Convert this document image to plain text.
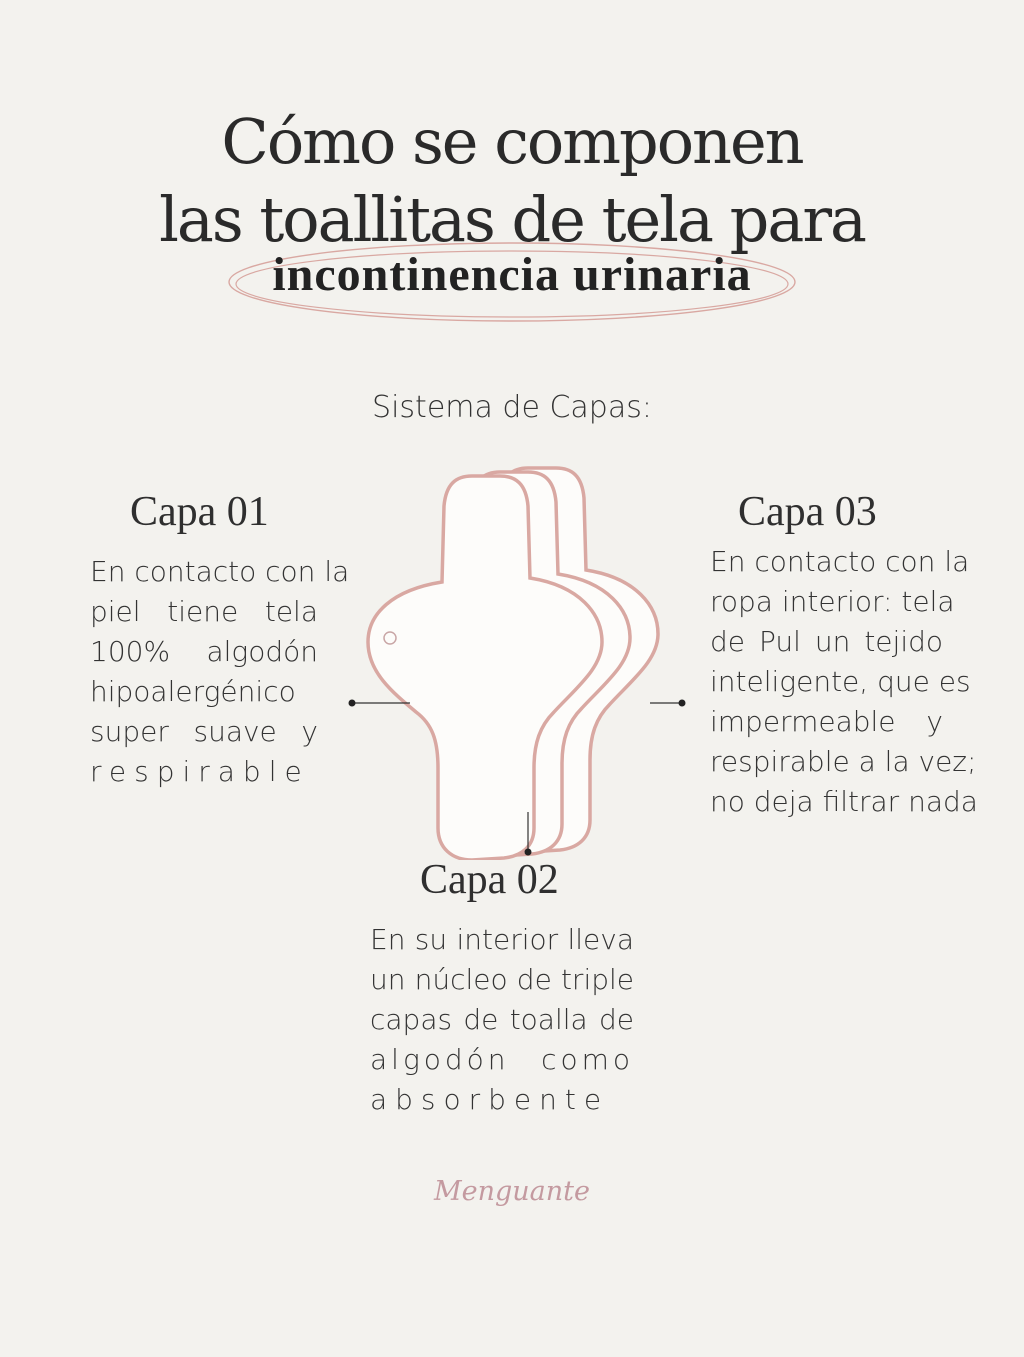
Cómo se componen
las toallitas de tela para
incontinencia urinaria
Sistema de Capas:
Capa 01
En contacto con la
piel tiene tela
100% algodón
hipoalergénico
super suave y
respirable
Capa 03
En contacto con la
ropa interior: tela
de Pul un tejido
inteligente, que es
impermeable y
respirable a la vez;
no deja filtrar nada
Capa 02
En su interior lleva
un núcleo de triple
capas de toalla de
algodón como
absorbente
Menguante
